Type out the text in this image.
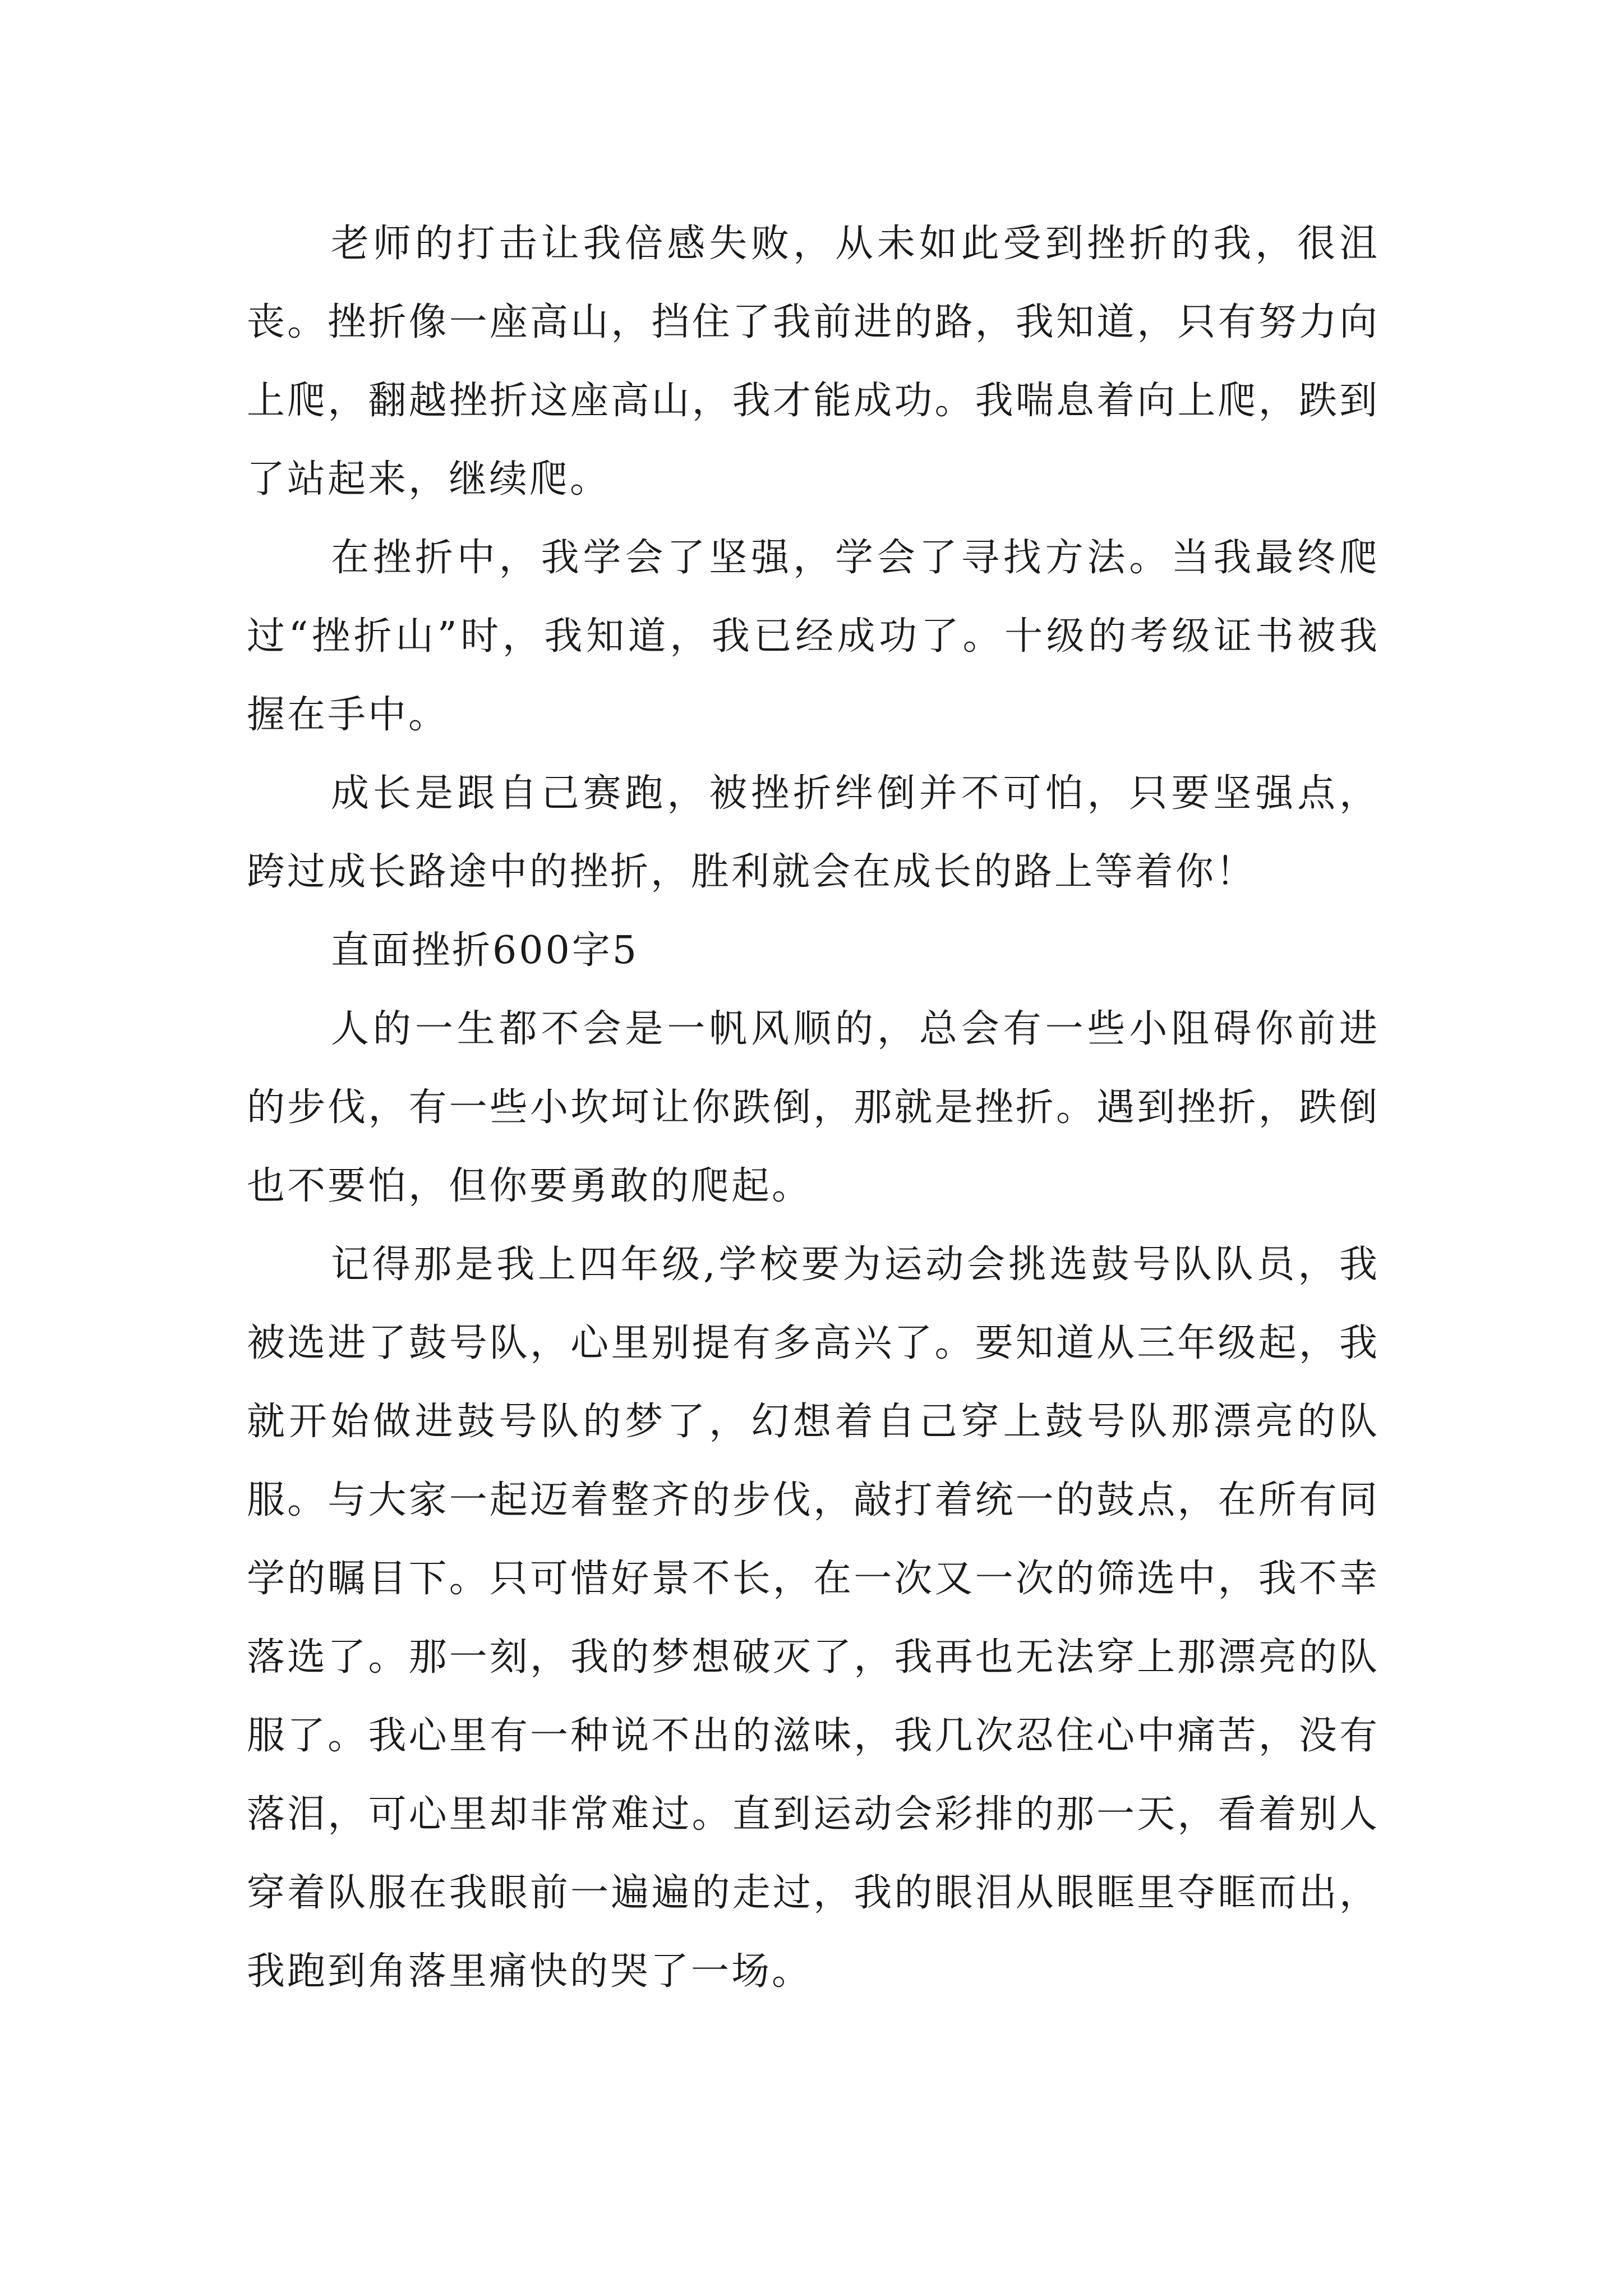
老师的打击让我倍感失败，从未如此受到挫折的我，很沮丧。挫折像一座高山，挡住了我前进的路，我知道，只有努力向上爬，翻越挫折这座高山，我才能成功。我喘息着向上爬，跌到了站起来，继续爬。

在挫折中，我学会了坚强，学会了寻找方法。当我最终爬过“挫折山”时，我知道，我已经成功了。十级的考级证书被我握在手中。

成长是跟自己赛跑，被挫折绊倒并不可怕，只要坚强点，跨过成长路途中的挫折，胜利就会在成长的路上等着你！

直面挫折600字5

人的一生都不会是一帆风顺的，总会有一些小阻碍你前进的步伐，有一些小坎坷让你跌倒，那就是挫折。遇到挫折，跌倒也不要怕，但你要勇敢的爬起。

记得那是我上四年级,学校要为运动会挑选鼓号队队员，我被选进了鼓号队，心里别提有多高兴了。要知道从三年级起，我就开始做进鼓号队的梦了，幻想着自己穿上鼓号队那漂亮的队服。与大家一起迈着整齐的步伐，敲打着统一的鼓点，在所有同学的瞩目下。只可惜好景不长，在一次又一次的筛选中，我不幸落选了。那一刻，我的梦想破灭了，我再也无法穿上那漂亮的队服了。我心里有一种说不出的滋味，我几次忍住心中痛苦，没有落泪，可心里却非常难过。直到运动会彩排的那一天，看着别人穿着队服在我眼前一遍遍的走过，我的眼泪从眼眶里夺眶而出，我跑到角落里痛快的哭了一场。
